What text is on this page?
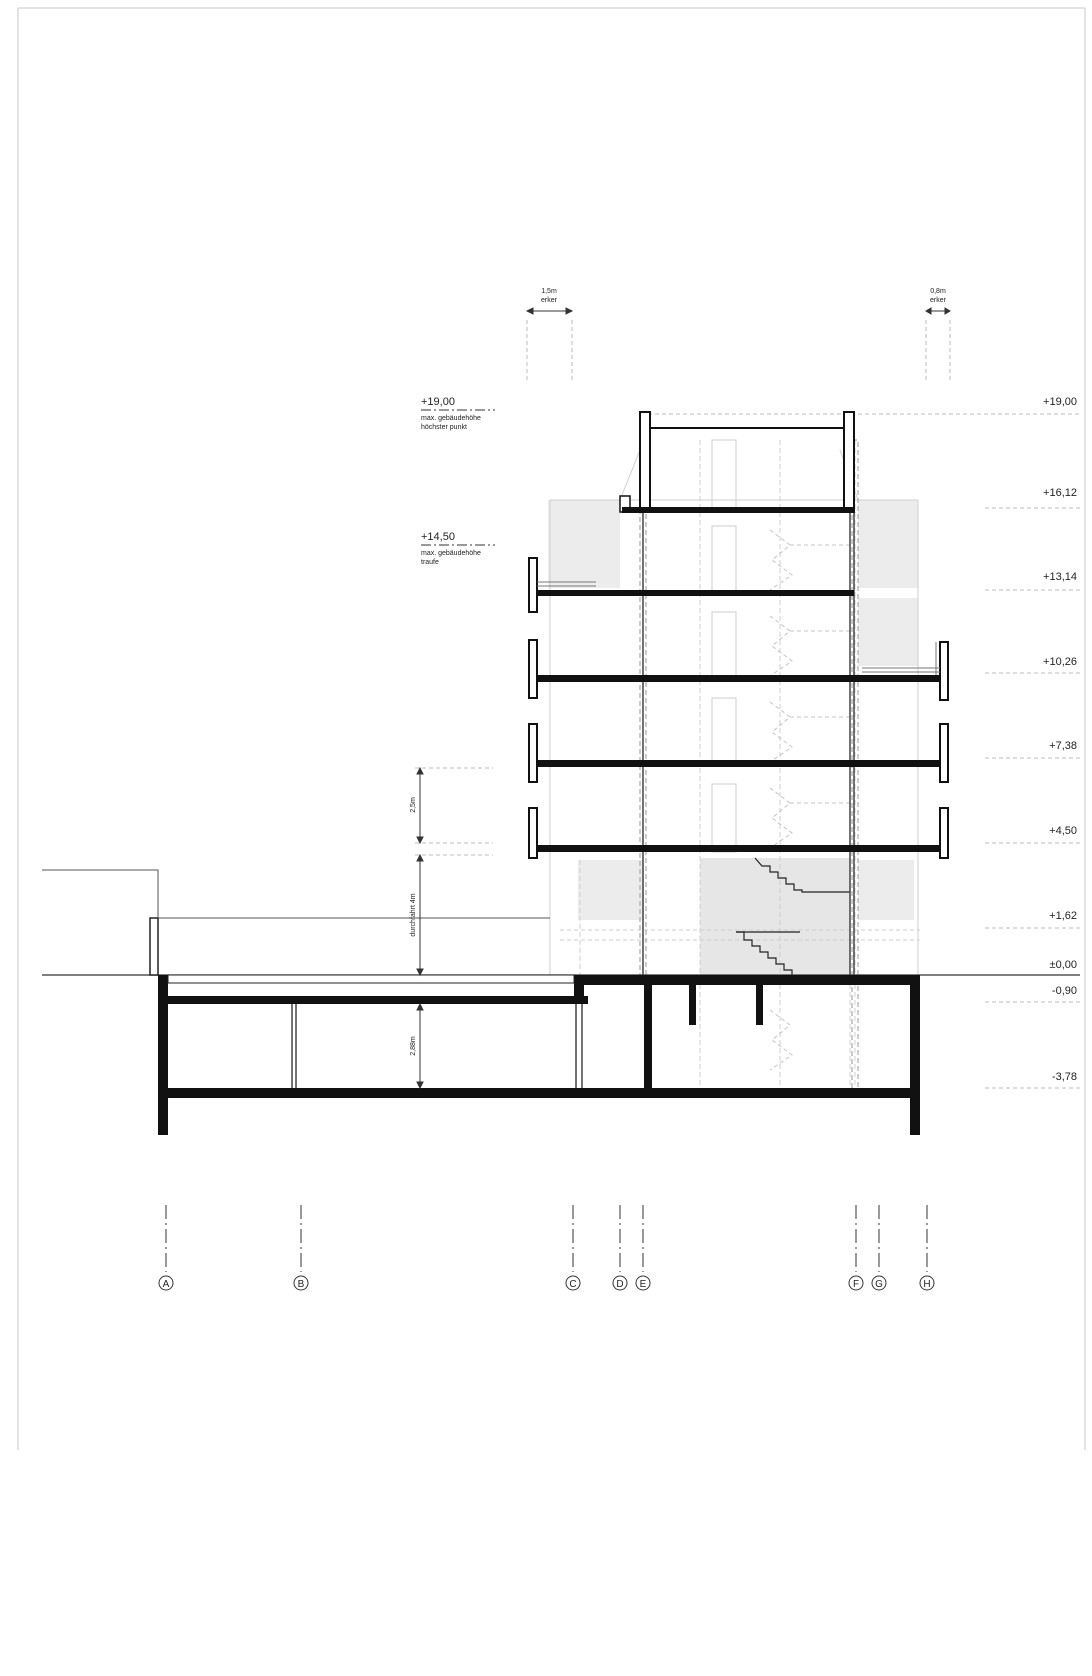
+19,00
+16,12
+13,14
+10,26
+7,38
+4,50
+1,62
±0,00
-0,90
-3,78
+19,00
max. gebäudehöhe
höchster punkt
+14,50
max. gebäudehöhe
traufe
1,5m
erker
0,8m
erker
2,5m
durchfahrt 4m
2,88m
A	B	C	D E	F G	H
